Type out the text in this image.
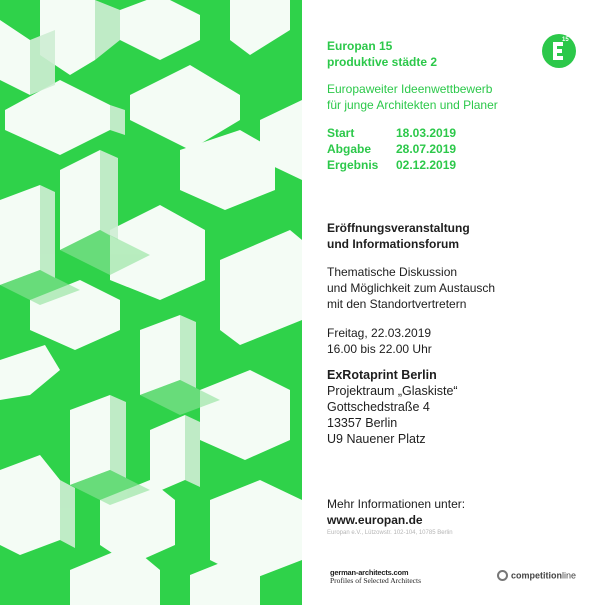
Europan 15
produktive städte 2
Europaweiter Ideenwettbewerb
für junge Architekten und Planer
Start	18.03.2019
Abgabe 28.07.2019
Ergebnis 02.12.2019
Eröffnungsveranstaltung
und Informationsforum
Thematische Diskussion
und Möglichkeit zum Austausch
mit den Standortvertretern
Freitag, 22.03.2019
16.00 bis 22.00 Uhr
ExRotaprint Berlin
Projektraum „Glaskiste“
Gottschedstraße 4
13357 Berlin
U9 Nauener Platz
Mehr Informationen unter:
www.europan.de
Europan e.V., Lützowstr. 102-104, 10785 Berlin
15
german-architects.com
Profiles of Selected Architects	competitionline
